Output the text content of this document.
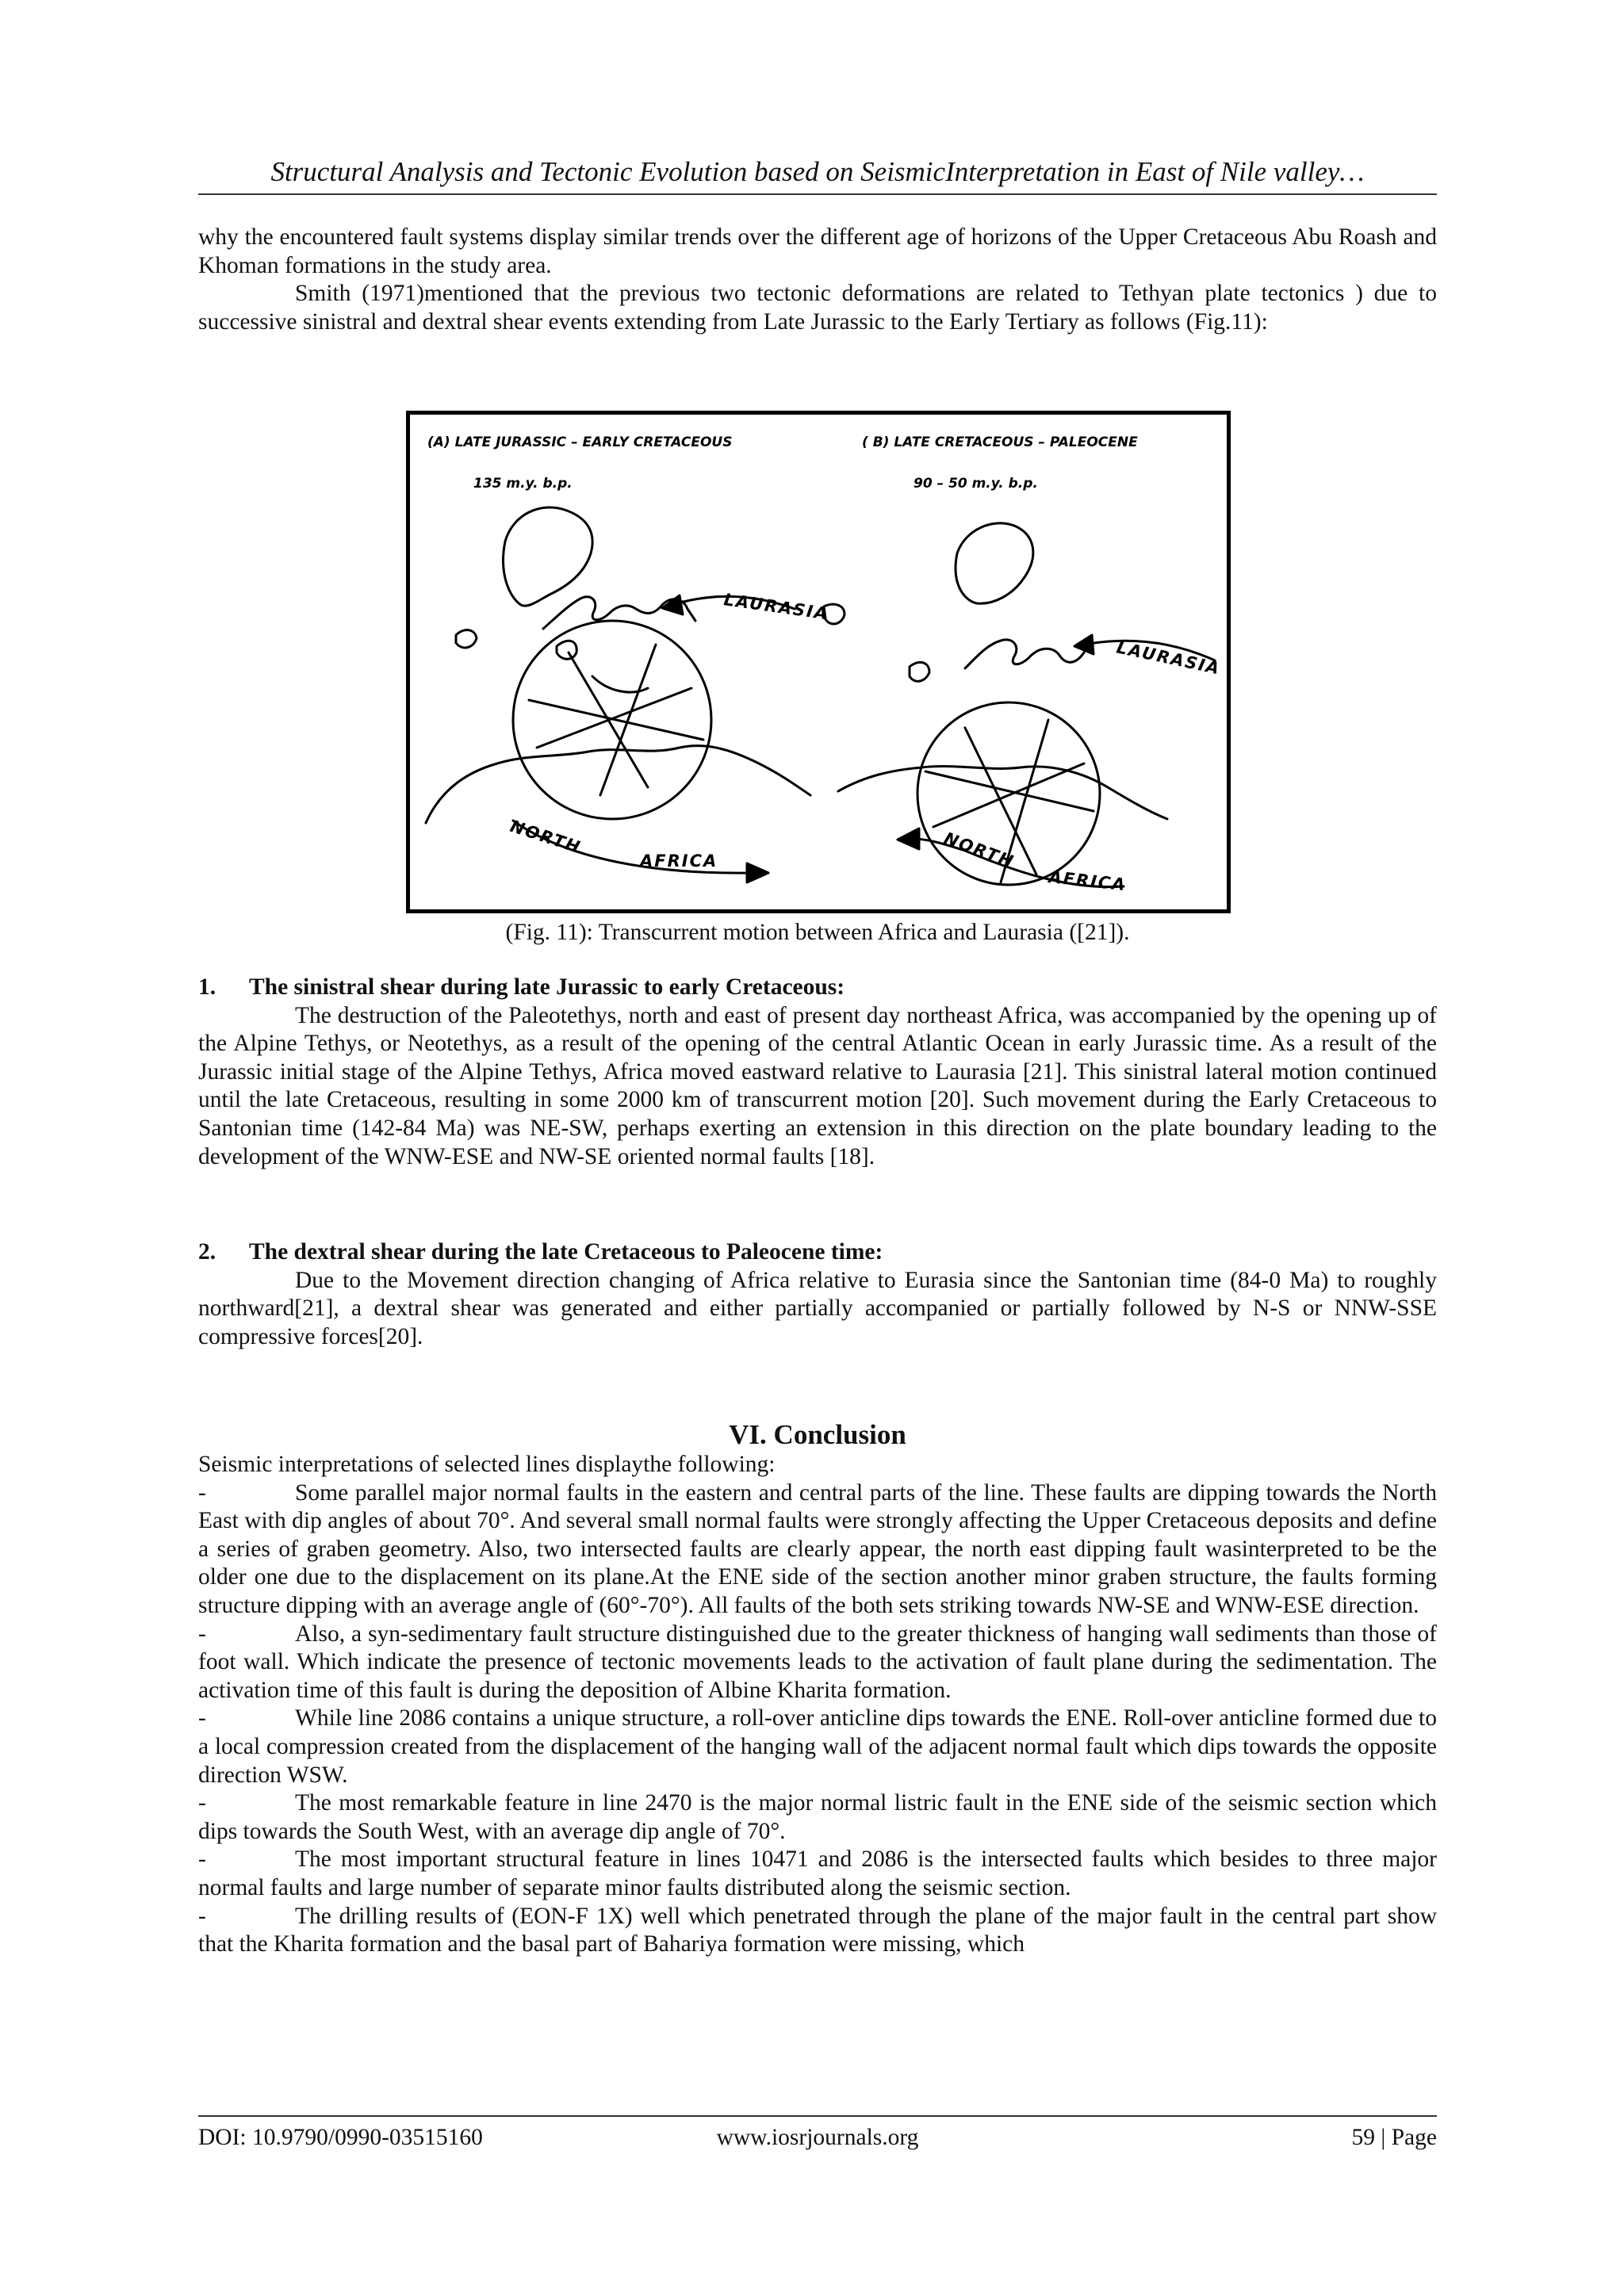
Structural Analysis and Tectonic Evolution based on SeismicInterpretation in East of Nile valley…

why the encountered fault systems display similar trends over the different age of horizons of the Upper Cretaceous Abu Roash and Khoman formations in the study area.

Smith (1971)mentioned that the previous two tectonic deformations are related to Tethyan plate tectonics ) due to successive sinistral and dextral shear events extending from Late Jurassic to the Early Tertiary as follows (Fig.11):

(A) LATE JURASSIC – EARLY CRETACEOUS
135 m.y. b.p.
( B) LATE CRETACEOUS – PALEOCENE
90 – 50 m.y. b.p.
LAURASIA
LAURASIA
NORTH
AFRICA	NORTH
AFRICA
(Fig. 11): Transcurrent motion between Africa and Laurasia ([21]).

1. The sinistral shear during late Jurassic to early Cretaceous:

The destruction of the Paleotethys, north and east of present day northeast Africa, was accompanied by the opening up of the Alpine Tethys, or Neotethys, as a result of the opening of the central Atlantic Ocean in early Jurassic time. As a result of the Jurassic initial stage of the Alpine Tethys, Africa moved eastward relative to Laurasia [21]. This sinistral lateral motion continued until the late Cretaceous, resulting in some 2000 km of transcurrent motion [20]. Such movement during the Early Cretaceous to Santonian time (142-84 Ma) was NE-SW, perhaps exerting an extension in this direction on the plate boundary leading to the development of the WNW-ESE and NW-SE oriented normal faults [18].

2. The dextral shear during the late Cretaceous to Paleocene time:

Due to the Movement direction changing of Africa relative to Eurasia since the Santonian time (84-0 Ma) to roughly northward[21], a dextral shear was generated and either partially accompanied or partially followed by N-S or NNW-SSE compressive forces[20].

VI. Conclusion

Seismic interpretations of selected lines displaythe following:

-	Some parallel major normal faults in the eastern and central parts of the line. These faults are dipping towards the North East with dip angles of about 70°. And several small normal faults were strongly affecting the Upper Cretaceous deposits and define a series of graben geometry. Also, two intersected faults are clearly appear, the north east dipping fault wasinterpreted to be the older one due to the displacement on its plane.At the ENE side of the section another minor graben structure, the faults forming structure dipping with an average angle of (60°-70°). All faults of the both sets striking towards NW-SE and WNW-ESE direction.

-	Also, a syn-sedimentary fault structure distinguished due to the greater thickness of hanging wall sediments than those of foot wall. Which indicate the presence of tectonic movements leads to the activation of fault plane during the sedimentation. The activation time of this fault is during the deposition of Albine Kharita formation.

-	While line 2086 contains a unique structure, a roll-over anticline dips towards the ENE. Roll-over anticline formed due to a local compression created from the displacement of the hanging wall of the adjacent normal fault which dips towards the opposite direction WSW.

-	The most remarkable feature in line 2470 is the major normal listric fault in the ENE side of the seismic section which dips towards the South West, with an average dip angle of 70°.

-	The most important structural feature in lines 10471 and 2086 is the intersected faults which besides to three major normal faults and large number of separate minor faults distributed along the seismic section.

-	The drilling results of (EON-F 1X) well which penetrated through the plane of the major fault in the central part show that the Kharita formation and the basal part of Bahariya formation were missing, which

DOI: 10.9790/0990-03515160	www.iosrjournals.org	59 | Page
